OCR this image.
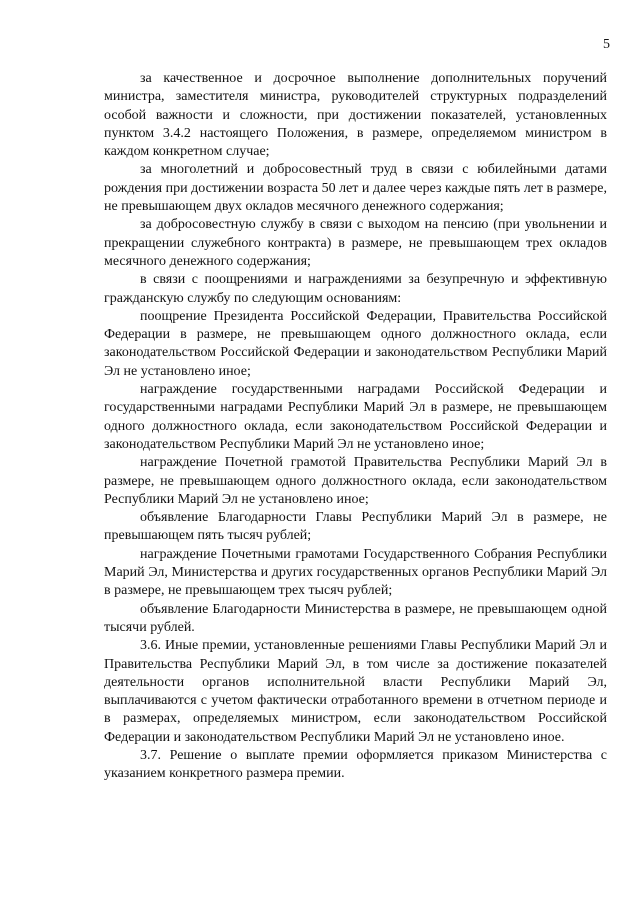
5

за качественное и досрочное выполнение дополнительных поручений министра, заместителя министра, руководителей структурных подразделений особой важности и сложности, при достижении показателей, установленных пунктом 3.4.2 настоящего Положения, в размере, определяемом министром в каждом конкретном случае;

за многолетний и добросовестный труд в связи с юбилейными датами рождения при достижении возраста 50 лет и далее через каждые пять лет в размере, не превышающем двух окладов месячного денежного содержания;

за добросовестную службу в связи с выходом на пенсию (при увольнении и прекращении служебного контракта) в размере, не превышающем трех окладов месячного денежного содержания;

в связи с поощрениями и награждениями за безупречную и эффективную гражданскую службу по следующим основаниям:

поощрение Президента Российской Федерации, Правительства Российской Федерации в размере, не превышающем одного должностного оклада, если законодательством Российской Федерации и законодательством Республики Марий Эл не установлено иное;

награждение государственными наградами Российской Федерации и государственными наградами Республики Марий Эл в размере, не превышающем одного должностного оклада, если законодательством Российской Федерации и законодательством Республики Марий Эл не установлено иное;

награждение Почетной грамотой Правительства Республики Марий Эл в размере, не превышающем одного должностного оклада, если законодательством Республики Марий Эл не установлено иное;

объявление Благодарности Главы Республики Марий Эл в размере, не превышающем пять тысяч рублей;

награждение Почетными грамотами Государственного Собрания Республики Марий Эл, Министерства и других государственных органов Республики Марий Эл в размере, не превышающем трех тысяч рублей;

объявление Благодарности Министерства в размере, не превышающем одной тысячи рублей.

3.6. Иные премии, установленные решениями Главы Республики Марий Эл и Правительства Республики Марий Эл, в том числе за достижение показателей деятельности органов исполнительной власти Республики Марий Эл, выплачиваются с учетом фактически отработанного времени в отчетном периоде и в размерах, определяемых министром, если законодательством Российской Федерации и законодательством Республики Марий Эл не установлено иное.

3.7. Решение о выплате премии оформляется приказом Министерства с указанием конкретного размера премии.
